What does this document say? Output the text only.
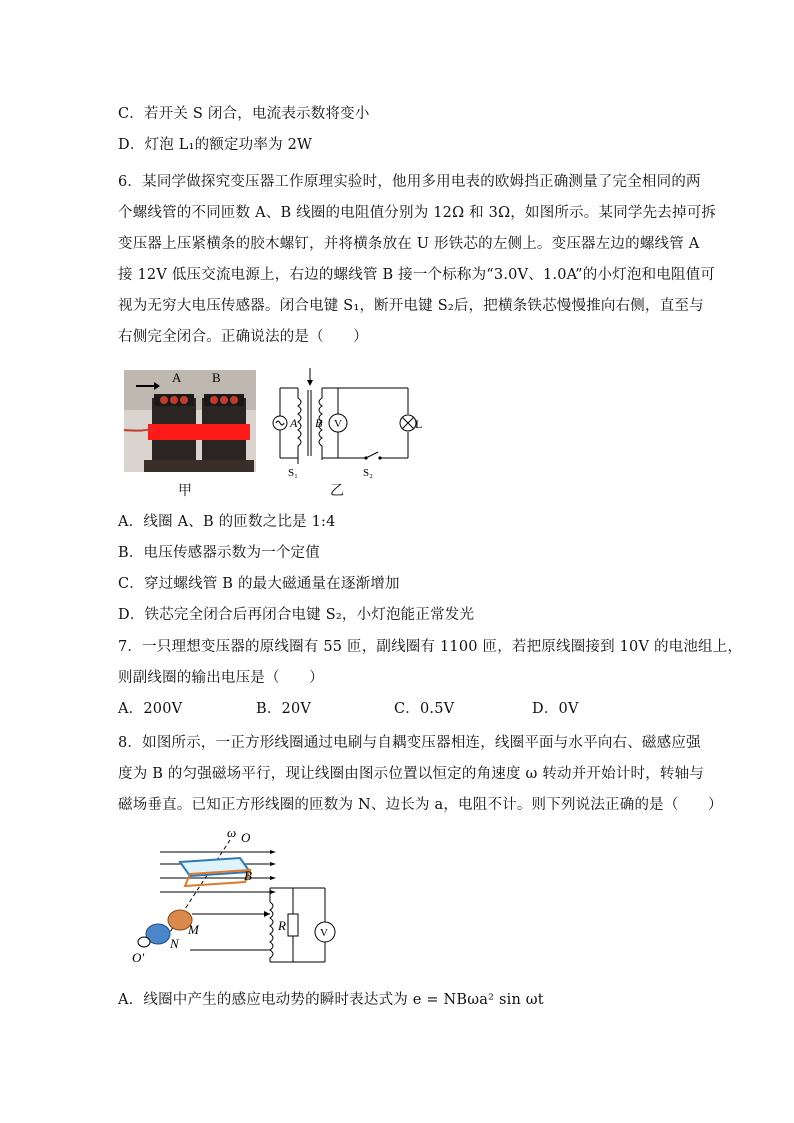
C．若开关 S 闭合，电流表示数将变小
D．灯泡 L₁的额定功率为 2W
6．某同学做探究变压器工作原理实验时，他用多用电表的欧姆挡正确测量了完全相同的两
个螺线管的不同匝数 A、B 线圈的电阻值分别为 12Ω 和 3Ω，如图所示。某同学先去掉可拆
变压器上压紧横条的胶木螺钉，并将横条放在 U 形铁芯的左侧上。变压器左边的螺线管 A
接 12V 低压交流电源上，右边的螺线管 B 接一个标称为“3.0V、1.0A”的小灯泡和电阻值可
视为无穷大电压传感器。闭合电键 S₁，断开电键 S₂后，把横条铁芯慢慢推向右侧，直至与
右侧完全闭合。正确说法的是（　　）
A B
A B V	L
S₁	S₂
甲	乙
A．线圈 A、B 的匝数之比是 1:4
B．电压传感器示数为一个定值
C．穿过螺线管 B 的最大磁通量在逐渐增加
D．铁芯完全闭合后再闭合电键 S₂，小灯泡能正常发光
7．一只理想变压器的原线圈有 55 匝，副线圈有 1100 匝，若把原线圈接到 10V 的电池组上，
则副线圈的输出电压是（　　）
A．200V	B．20V	C．0.5V	D．0V
8．如图所示，一正方形线圈通过电刷与自耦变压器相连，线圈平面与水平向右、磁感应强
度为 B 的匀强磁场平行，现让线圈由图示位置以恒定的角速度 ω 转动并开始计时，转轴与
磁场垂直。已知正方形线圈的匝数为 N、边长为 a，电阻不计。则下列说法正确的是（　　）
ω O
B
M
N
O′
R	V
A．线圈中产生的感应电动势的瞬时表达式为 e = NBωa² sin ωt
